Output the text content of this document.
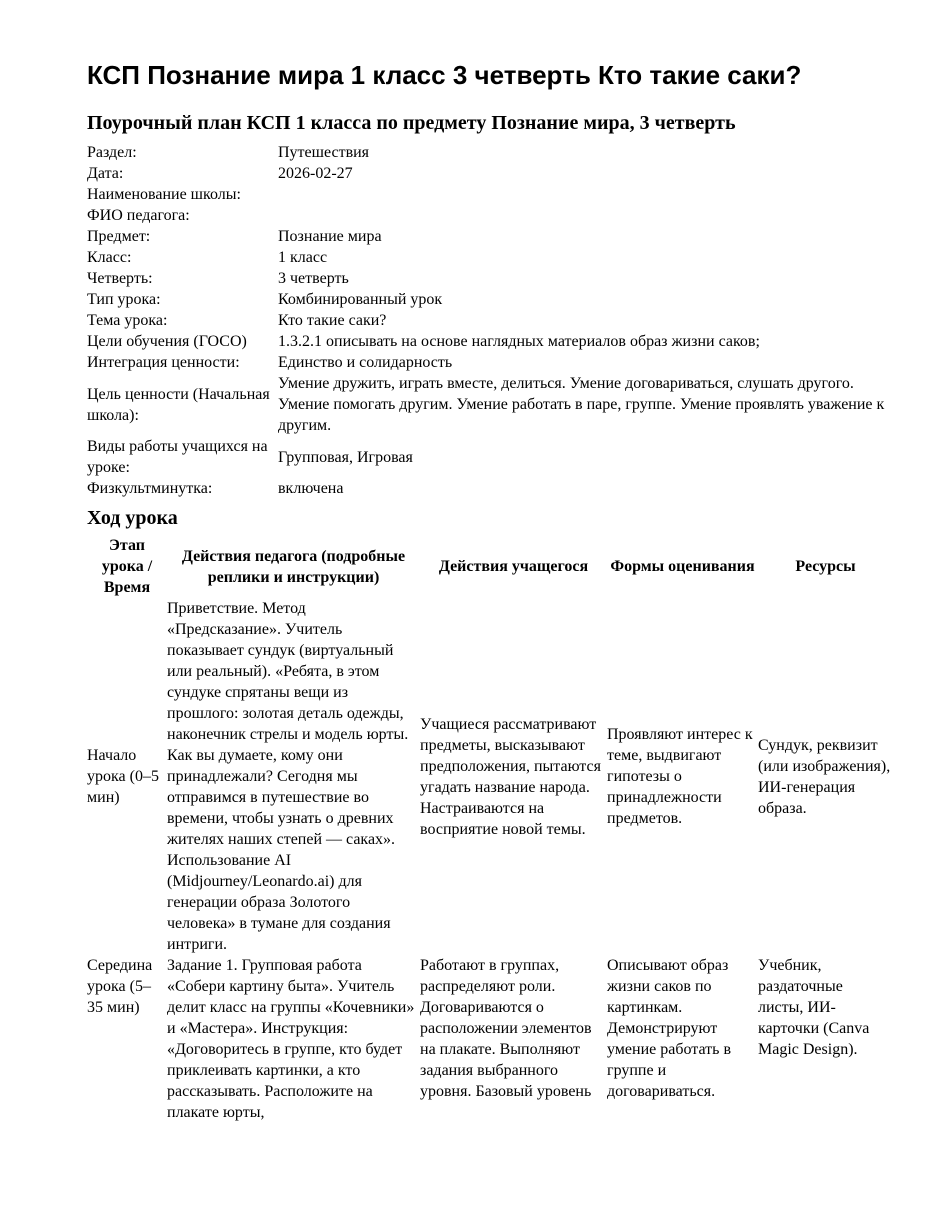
КСП Познание мира 1 класс 3 четверть Кто такие саки?
Поурочный план КСП 1 класса по предмету Познание мира, 3 четверть
Раздел:	Путешествия
Дата:	2026-02-27
Наименование школы:	
ФИО педагога:	
Предмет:	Познание мира
Класс:	1 класс
Четверть:	3 четверть
Тип урока:	Комбинированный урок
Тема урока:	Кто такие саки?
Цели обучения (ГОСО)	1.3.2.1 описывать на основе наглядных материалов образ жизни саков;
Интеграция ценности:	Единство и солидарность
Цель ценности (Начальная школа):	Умение дружить, играть вместе, делиться. Умение договариваться, слушать другого. Умение помогать другим. Умение работать в паре, группе. Умение проявлять уважение к другим.
Виды работы учащихся на уроке:	Групповая, Игровая
Физкультминутка:	включена
Ход урока
Этап урока / Время	Действия педагога (подробные реплики и инструкции)	Действия учащегося	Формы оценивания	Ресурсы
Начало урока (0–5 мин)	Приветствие. Метод «Предсказание». Учитель показывает сундук (виртуальный или реальный). «Ребята, в этом сундуке спрятаны вещи из прошлого: золотая деталь одежды, наконечник стрелы и модель юрты. Как вы думаете, кому они принадлежали? Сегодня мы отправимся в путешествие во времени, чтобы узнать о древних жителях наших степей — саках». Использование AI (Midjourney/Leonardo.ai) для генерации образа Золотого человека» в тумане для создания интриги.	Учащиеся рассматривают предметы, высказывают предположения, пытаются угадать название народа. Настраиваются на восприятие новой темы.	Проявляют интерес к теме, выдвигают гипотезы о принадлежности предметов.	Сундук, реквизит (или изображения), ИИ-генерация образа.
Середина урока (5–35 мин)	Задание 1. Групповая работа «Собери картину быта». Учитель делит класс на группы «Кочевники» и «Мастера». Инструкция: «Договоритесь в группе, кто будет приклеивать картинки, а кто рассказывать. Расположите на плакате юрты,	Работают в группах, распределяют роли. Договариваются о расположении элементов на плакате. Выполняют задания выбранного уровня. Базовый уровень	Описывают образ жизни саков по картинкам. Демонстрируют умение работать в группе и договариваться.	Учебник, раздаточные листы, ИИ-карточки (Canva Magic Design).
